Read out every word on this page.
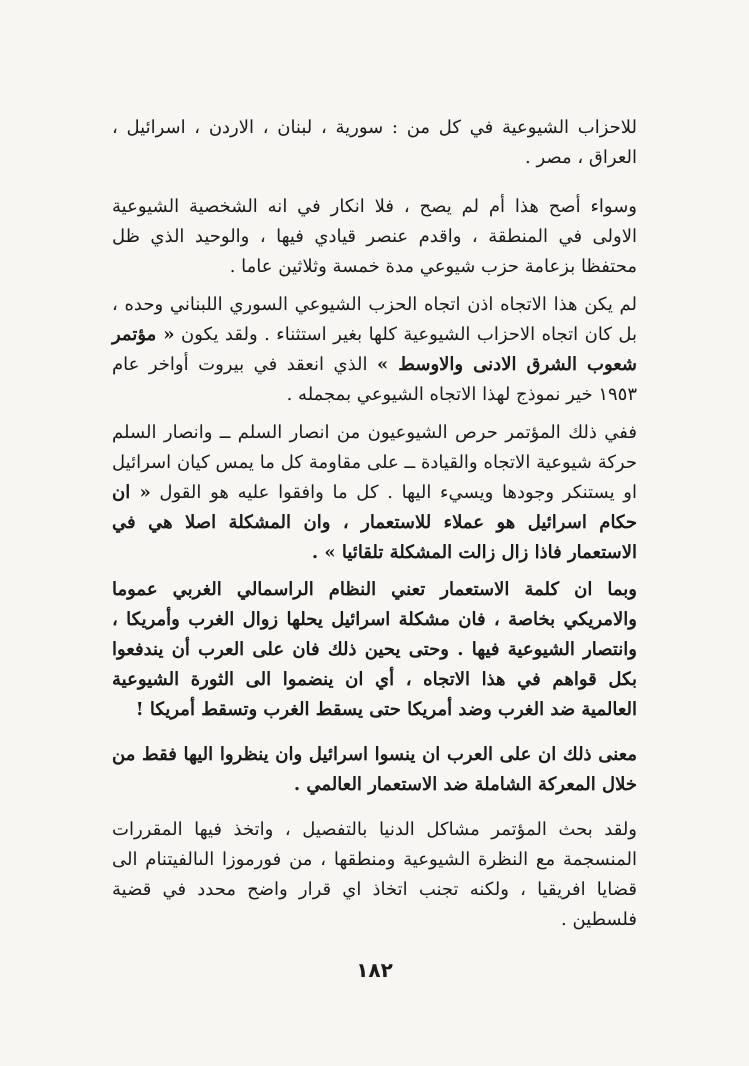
للاحزاب الشيوعية في كل من : سورية ، لبنان ، الاردن ، اسرائيل ، العراق ، مصر .

وسواء أصح هذا أم لم يصح ، فلا انكار في انه الشخصية الشيوعية الاولى في المنطقة ، واقدم عنصر قيادي فيها ، والوحيد الذي ظل محتفظا بزعامة حزب شيوعي مدة خمسة وثلاثين عاما .

لم يكن هذا الاتجاه اذن اتجاه الحزب الشيوعي السوري اللبناني وحده ، بل كان اتجاه الاحزاب الشيوعية كلها بغير استثناء . ولقد يكون « مؤتمر شعوب الشرق الادنى والاوسط » الذي انعقد في بيروت أواخر عام ١٩٥٣ خير نموذج لهذا الاتجاه الشيوعي بمجمله .

ففي ذلك المؤتمر حرص الشيوعيون من انصار السلم ــ وانصار السلم حركة شيوعية الاتجاه والقيادة ــ على مقاومة كل ما يمس كيان اسرائيل او يستنكر وجودها ويسيء اليها . كل ما وافقوا عليه هو القول « ان حكام اسرائيل هو عملاء للاستعمار ، وان المشكلة اصلا هي في الاستعمار فاذا زال زالت المشكلة تلقائيا » .

وبما ان كلمة الاستعمار تعني النظام الراسمالي الغربي عموما والامريكي بخاصة ، فان مشكلة اسرائيل يحلها زوال الغرب وأمريكا ، وانتصار الشيوعية فيها . وحتى يحين ذلك فان على العرب أن يندفعوا بكل قواهم في هذا الاتجاه ، أي ان ينضموا الى الثورة الشيوعية العالمية ضد الغرب وضد أمريكا حتى يسقط الغرب وتسقط أمريكا !

معنى ذلك ان على العرب ان ينسوا اسرائيل وان ينظروا اليها فقط من خلال المعركة الشاملة ضد الاستعمار العالمي .

ولقد بحث المؤتمر مشاكل الدنيا بالتفصيل ، واتخذ فيها المقررات المنسجمة مع النظرة الشيوعية ومنطقها ، من فورموزا الىالفيتنام الى قضايا افريقيا ، ولكنه تجنب اتخاذ اي قرار واضح محدد في قضية فلسطين .

١٨٢
